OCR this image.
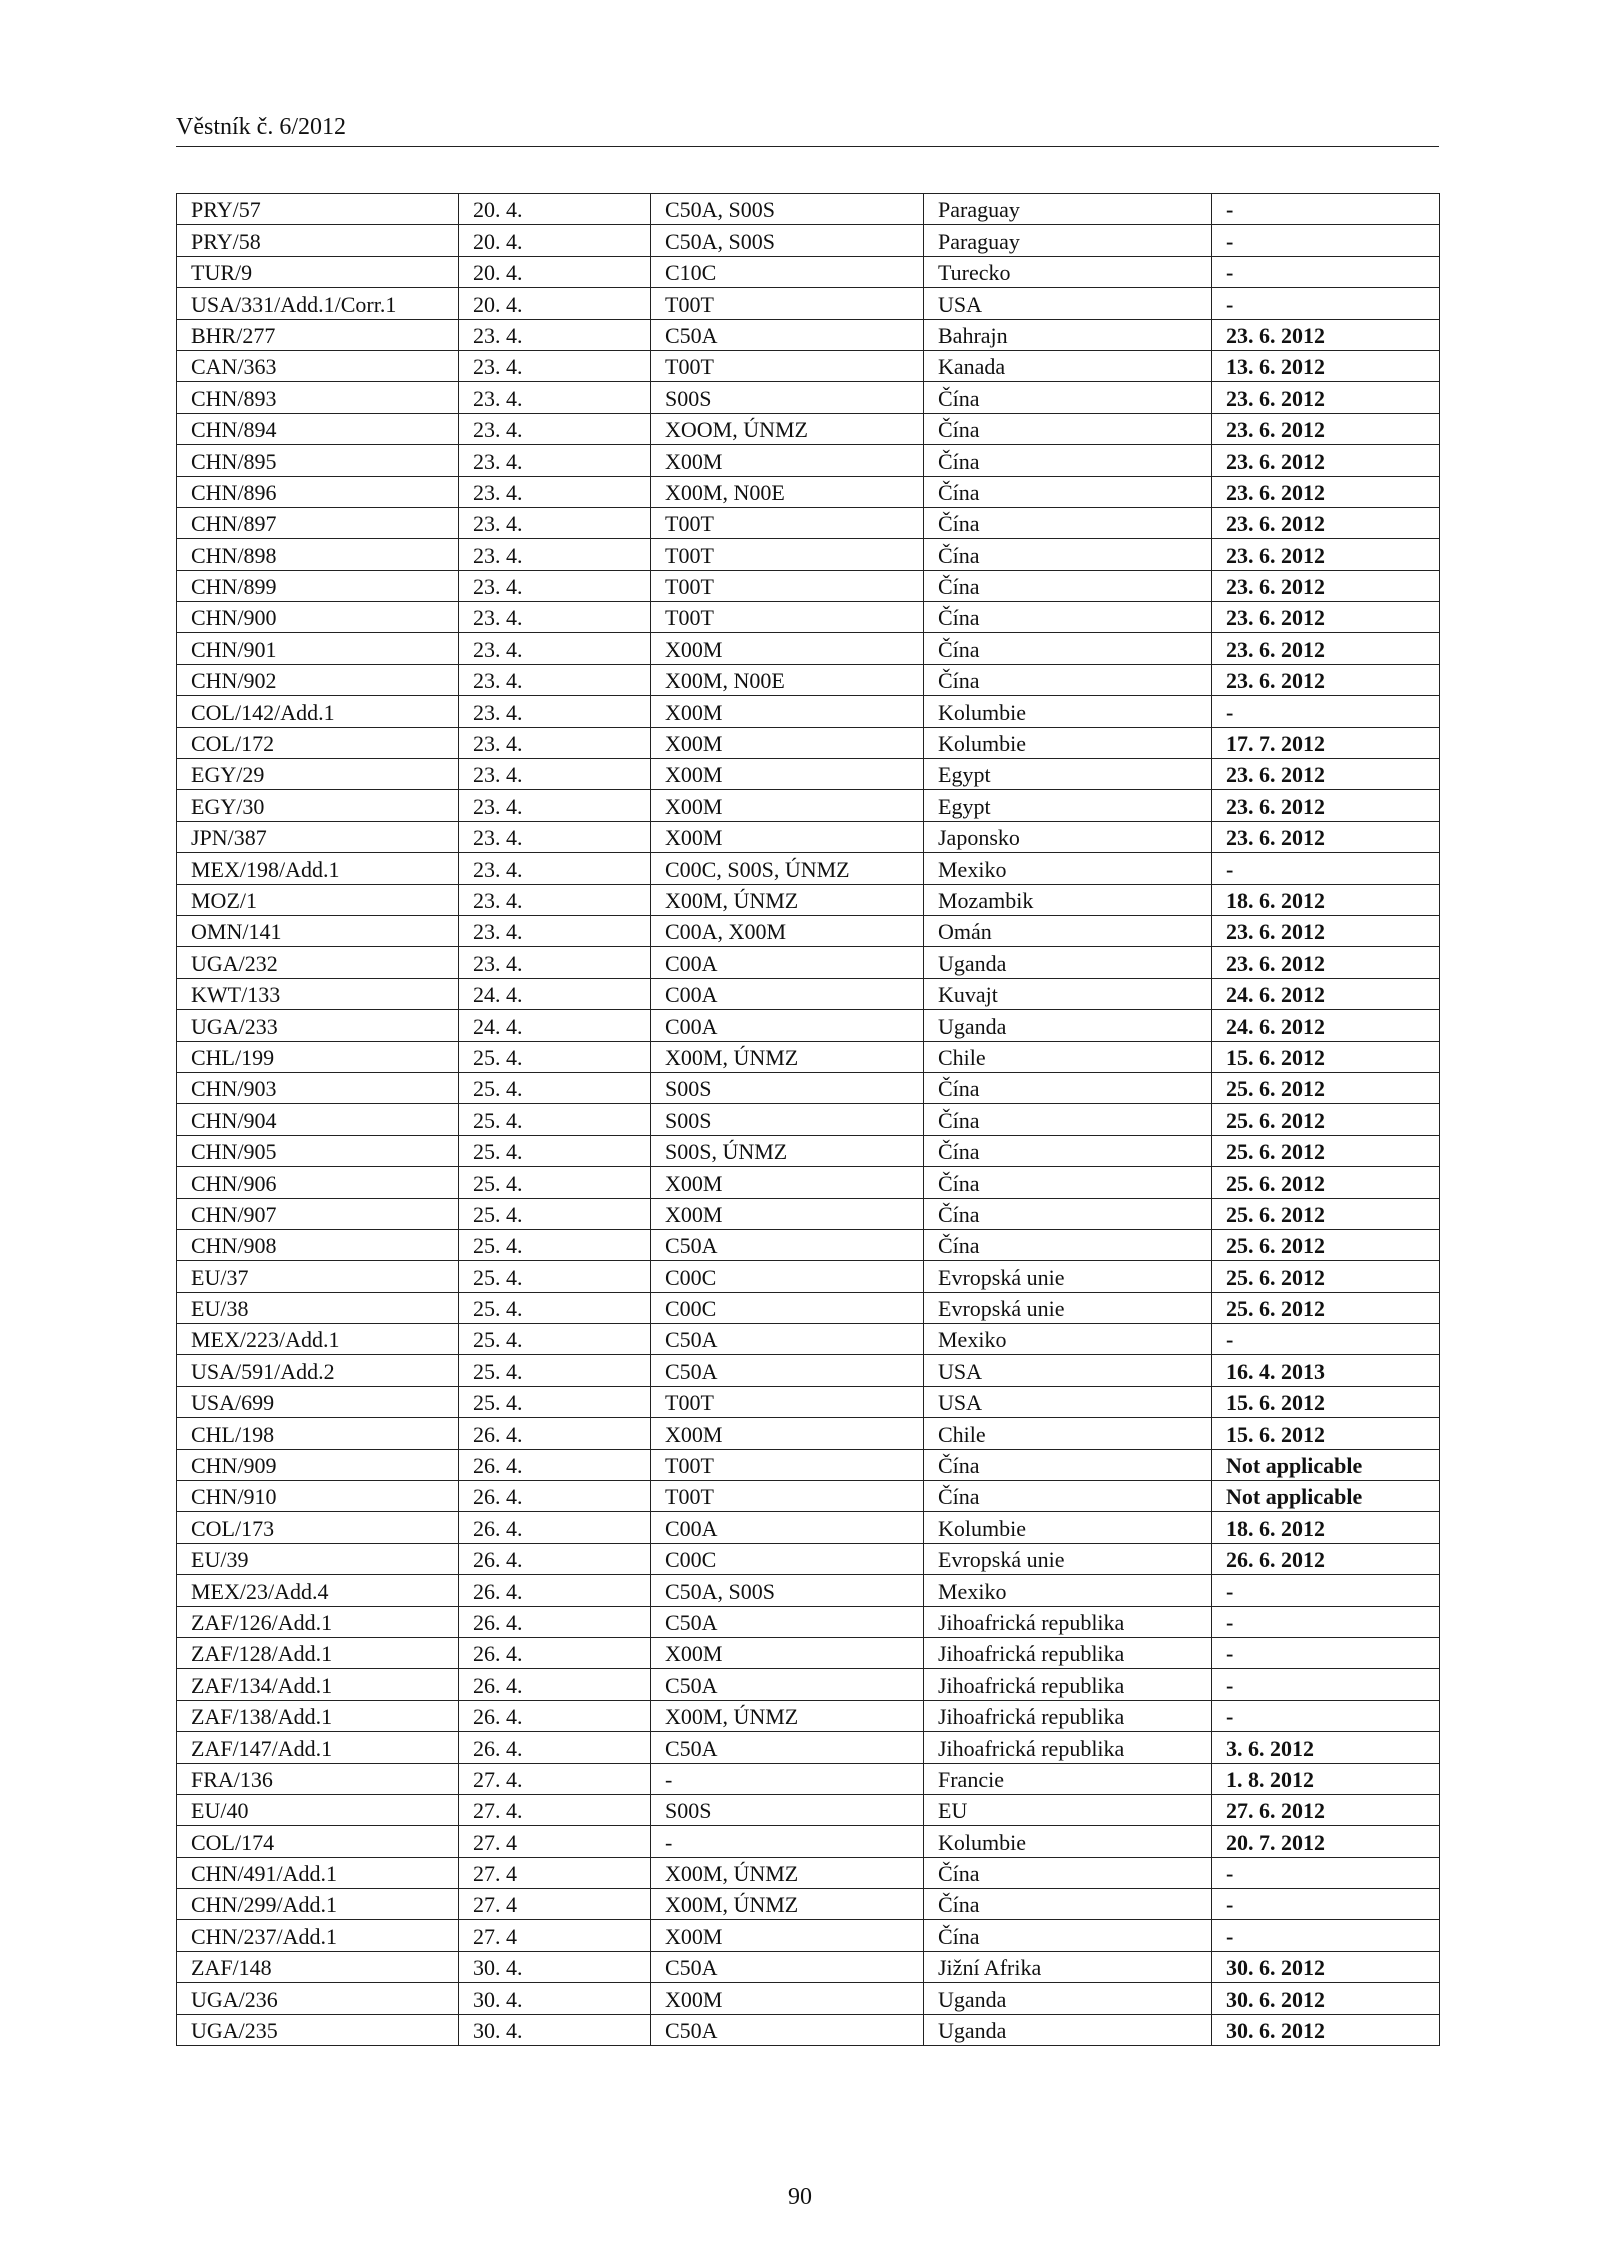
Věstník č. 6/2012
PRY/57	20. 4.	C50A, S00S	Paraguay	-
PRY/58	20. 4.	C50A, S00S	Paraguay	-
TUR/9	20. 4.	C10C	Turecko	-
USA/331/Add.1/Corr.1	20. 4.	T00T	USA	-
BHR/277	23. 4.	C50A	Bahrajn	23. 6. 2012
CAN/363	23. 4.	T00T	Kanada	13. 6. 2012
CHN/893	23. 4.	S00S	Čína	23. 6. 2012
CHN/894	23. 4.	XOOM, ÚNMZ	Čína	23. 6. 2012
CHN/895	23. 4.	X00M	Čína	23. 6. 2012
CHN/896	23. 4.	X00M, N00E	Čína	23. 6. 2012
CHN/897	23. 4.	T00T	Čína	23. 6. 2012
CHN/898	23. 4.	T00T	Čína	23. 6. 2012
CHN/899	23. 4.	T00T	Čína	23. 6. 2012
CHN/900	23. 4.	T00T	Čína	23. 6. 2012
CHN/901	23. 4.	X00M	Čína	23. 6. 2012
CHN/902	23. 4.	X00M, N00E	Čína	23. 6. 2012
COL/142/Add.1	23. 4.	X00M	Kolumbie	-
COL/172	23. 4.	X00M	Kolumbie	17. 7. 2012
EGY/29	23. 4.	X00M	Egypt	23. 6. 2012
EGY/30	23. 4.	X00M	Egypt	23. 6. 2012
JPN/387	23. 4.	X00M	Japonsko	23. 6. 2012
MEX/198/Add.1	23. 4.	C00C, S00S, ÚNMZ	Mexiko	-
MOZ/1	23. 4.	X00M, ÚNMZ	Mozambik	18. 6. 2012
OMN/141	23. 4.	C00A, X00M	Omán	23. 6. 2012
UGA/232	23. 4.	C00A	Uganda	23. 6. 2012
KWT/133	24. 4.	C00A	Kuvajt	24. 6. 2012
UGA/233	24. 4.	C00A	Uganda	24. 6. 2012
CHL/199	25. 4.	X00M, ÚNMZ	Chile	15. 6. 2012
CHN/903	25. 4.	S00S	Čína	25. 6. 2012
CHN/904	25. 4.	S00S	Čína	25. 6. 2012
CHN/905	25. 4.	S00S, ÚNMZ	Čína	25. 6. 2012
CHN/906	25. 4.	X00M	Čína	25. 6. 2012
CHN/907	25. 4.	X00M	Čína	25. 6. 2012
CHN/908	25. 4.	C50A	Čína	25. 6. 2012
EU/37	25. 4.	C00C	Evropská unie	25. 6. 2012
EU/38	25. 4.	C00C	Evropská unie	25. 6. 2012
MEX/223/Add.1	25. 4.	C50A	Mexiko	-
USA/591/Add.2	25. 4.	C50A	USA	16. 4. 2013
USA/699	25. 4.	T00T	USA	15. 6. 2012
CHL/198	26. 4.	X00M	Chile	15. 6. 2012
CHN/909	26. 4.	T00T	Čína	Not applicable
CHN/910	26. 4.	T00T	Čína	Not applicable
COL/173	26. 4.	C00A	Kolumbie	18. 6. 2012
EU/39	26. 4.	C00C	Evropská unie	26. 6. 2012
MEX/23/Add.4	26. 4.	C50A, S00S	Mexiko	-
ZAF/126/Add.1	26. 4.	C50A	Jihoafrická republika	-
ZAF/128/Add.1	26. 4.	X00M	Jihoafrická republika	-
ZAF/134/Add.1	26. 4.	C50A	Jihoafrická republika	-
ZAF/138/Add.1	26. 4.	X00M, ÚNMZ	Jihoafrická republika	-
ZAF/147/Add.1	26. 4.	C50A	Jihoafrická republika	3. 6. 2012
FRA/136	27. 4.	-	Francie	1. 8. 2012
EU/40	27. 4.	S00S	EU	27. 6. 2012
COL/174	27. 4	-	Kolumbie	20. 7. 2012
CHN/491/Add.1	27. 4	X00M, ÚNMZ	Čína	-
CHN/299/Add.1	27. 4	X00M, ÚNMZ	Čína	-
CHN/237/Add.1	27. 4	X00M	Čína	-
ZAF/148	30. 4.	C50A	Jižní Afrika	30. 6. 2012
UGA/236	30. 4.	X00M	Uganda	30. 6. 2012
UGA/235	30. 4.	C50A	Uganda	30. 6. 2012
90
